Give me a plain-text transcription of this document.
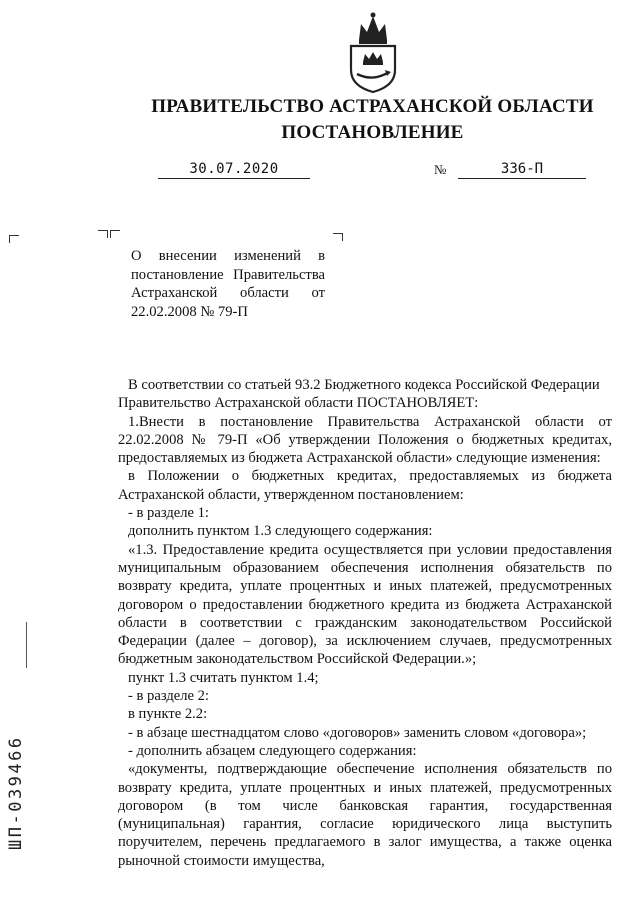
ПРАВИТЕЛЬСТВО АСТРАХАНСКОЙ ОБЛАСТИ
ПОСТАНОВЛЕНИЕ
30.07.2020	№	336-П
О внесении изменений в постановление Правительства Астраханской области от 22.02.2008 № 79-П

В соответствии со статьей 93.2 Бюджетного кодекса Российской Федерации

Правительство Астраханской области ПОСТАНОВЛЯЕТ:

1.Внести в постановление Правительства Астраханской области от 22.02.2008 № 79-П «Об утверждении Положения о бюджетных кредитах, предоставляемых из бюджета Астраханской области» следующие изменения:

в Положении о бюджетных кредитах, предоставляемых из бюджета Астраханской области, утвержденном постановлением:

- в разделе 1:

дополнить пунктом 1.3 следующего содержания:

«1.3. Предоставление кредита осуществляется при условии предоставления муниципальным образованием обеспечения исполнения обязательств по возврату кредита, уплате процентных и иных платежей, предусмотренных договором о предоставлении бюджетного кредита из бюджета Астраханской области в соответствии с гражданским законодательством Российской Федерации (далее – договор), за исключением случаев, предусмотренных бюджетным законодательством Российской Федерации.»;

пункт 1.3 считать пунктом 1.4;

- в разделе 2:

в пункте 2.2:

- в абзаце шестнадцатом слово «договоров» заменить словом «договора»;

- дополнить абзацем следующего содержания:

«документы, подтверждающие обеспечение исполнения обязательств по возврату кредита, уплате процентных и иных платежей, предусмотренных договором (в том числе банковская гарантия, государственная (муниципальная) гарантия, согласие юридического лица выступить поручителем, перечень предлагаемого в залог имущества, а также оценка рыночной стоимости имущества,

ШП-039466
